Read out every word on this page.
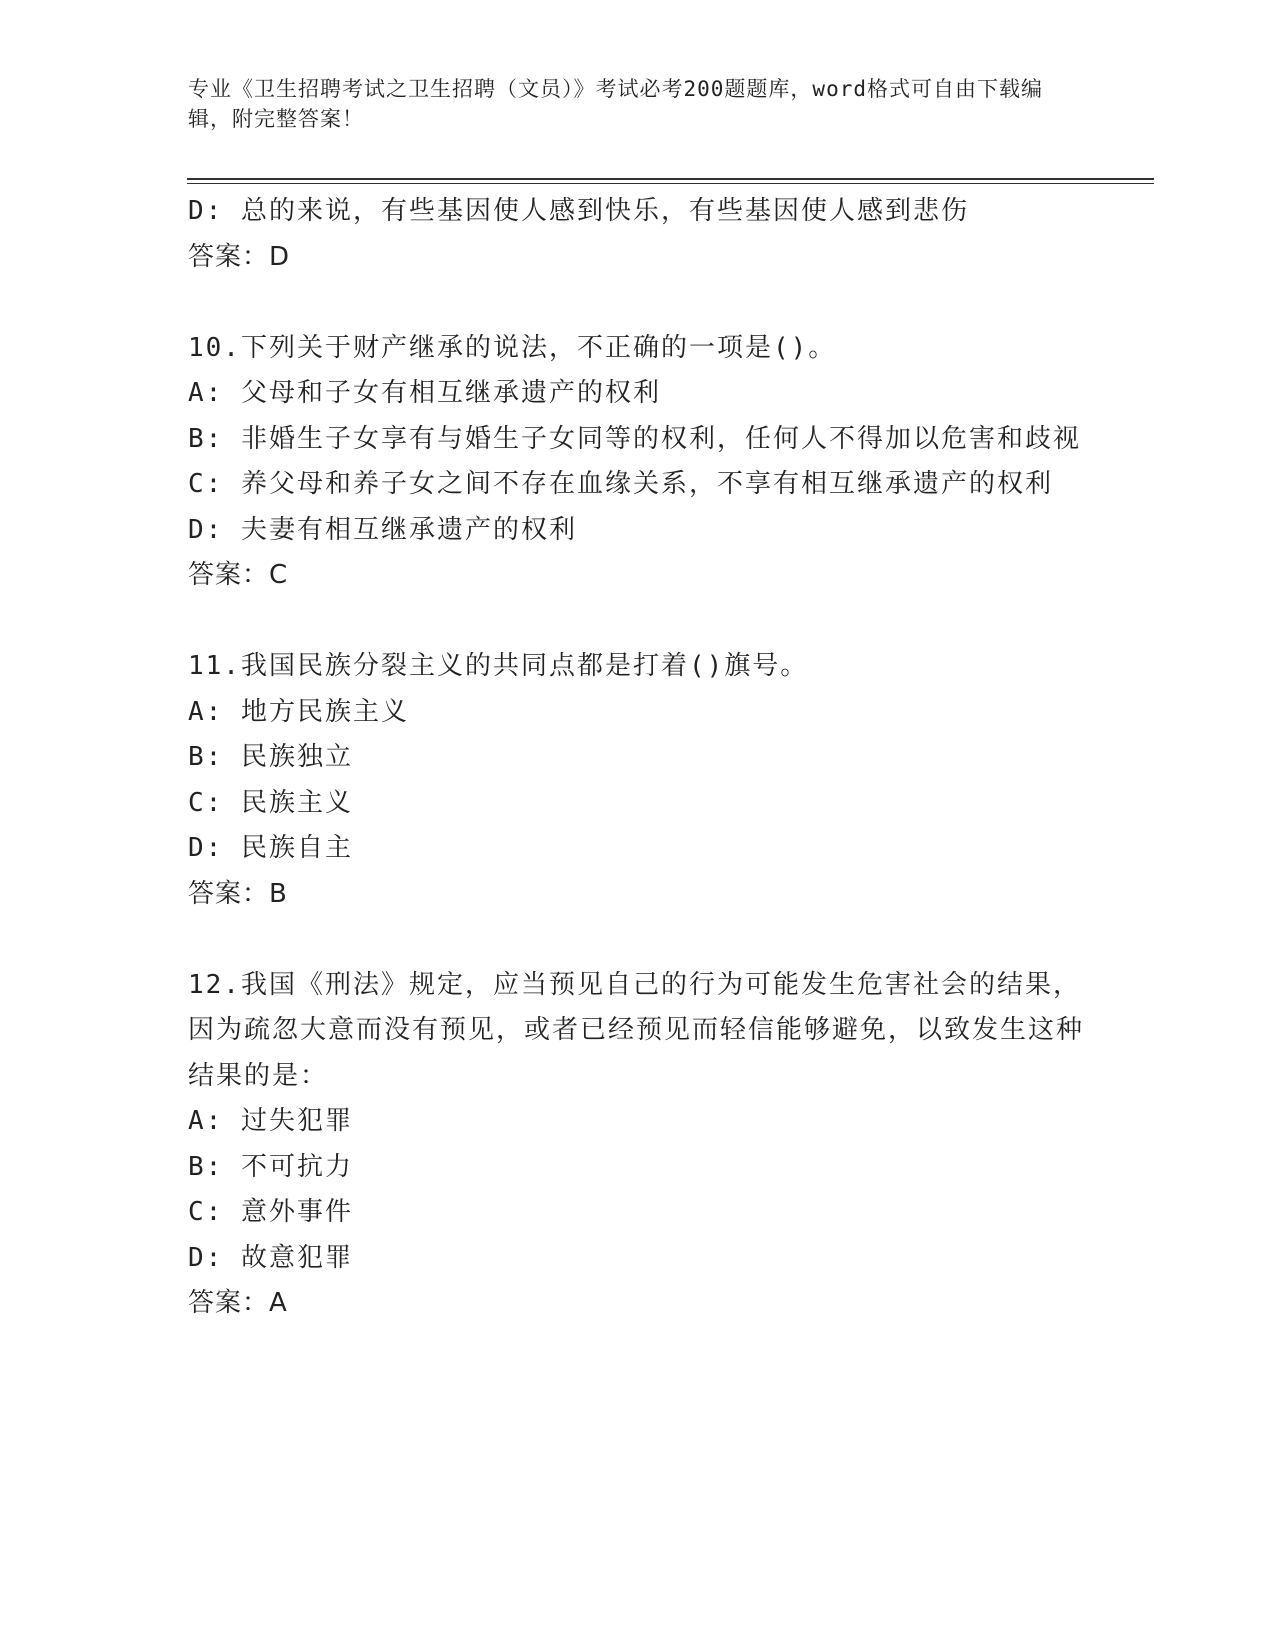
专业《卫生招聘考试之卫生招聘（文员）》考试必考200题题库，word格式可自由下载编辑，附完整答案！
D: 总的来说，有些基因使人感到快乐，有些基因使人感到悲伤
答案：D
10.下列关于财产继承的说法，不正确的一项是()。
A: 父母和子女有相互继承遗产的权利
B: 非婚生子女享有与婚生子女同等的权利，任何人不得加以危害和歧视
C: 养父母和养子女之间不存在血缘关系，不享有相互继承遗产的权利
D: 夫妻有相互继承遗产的权利
答案：C
11.我国民族分裂主义的共同点都是打着()旗号。
A: 地方民族主义
B: 民族独立
C: 民族主义
D: 民族自主
答案：B
12.我国《刑法》规定，应当预见自己的行为可能发生危害社会的结果，因为疏忽大意而没有预见，或者已经预见而轻信能够避免，以致发生这种结果的是：
A: 过失犯罪
B: 不可抗力
C: 意外事件
D: 故意犯罪
答案：A
